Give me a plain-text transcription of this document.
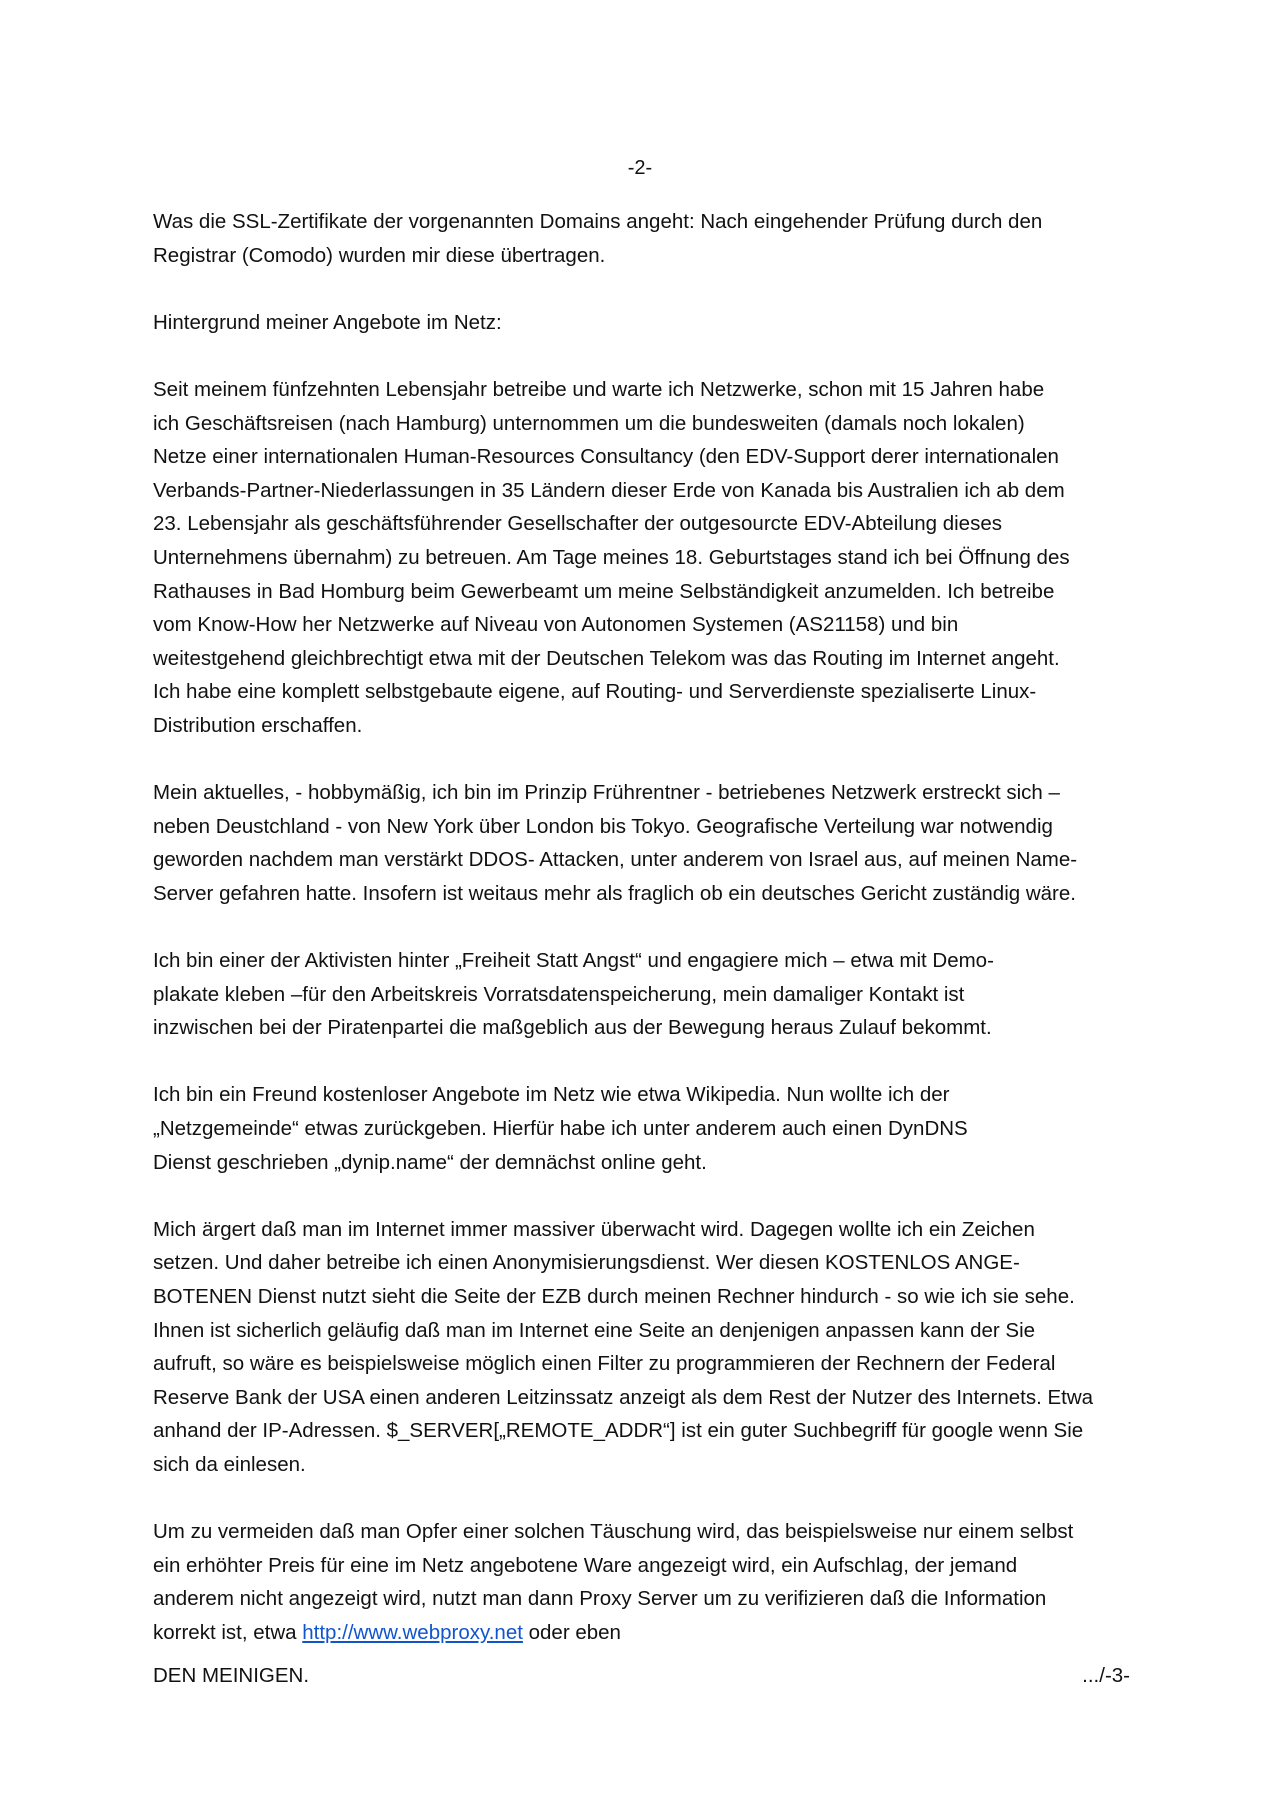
-2-

Was die SSL-Zertifikate der vorgenannten Domains angeht: Nach eingehender Prüfung durch den
Registrar (Comodo) wurden mir diese übertragen.

Hintergrund meiner Angebote im Netz:

Seit meinem fünfzehnten Lebensjahr betreibe und warte ich Netzwerke, schon mit 15 Jahren habe
ich Geschäftsreisen (nach Hamburg) unternommen um die bundesweiten (damals noch lokalen)
Netze einer internationalen Human-Resources Consultancy (den EDV-Support derer internationalen
Verbands-Partner-Niederlassungen in 35 Ländern dieser Erde von Kanada bis Australien ich ab dem
23. Lebensjahr als geschäftsführender Gesellschafter der outgesourcte EDV-Abteilung dieses
Unternehmens übernahm) zu betreuen. Am Tage meines 18. Geburtstages stand ich bei Öffnung des
Rathauses in Bad Homburg beim Gewerbeamt um meine Selbständigkeit anzumelden. Ich betreibe
vom Know-How her Netzwerke auf Niveau von Autonomen Systemen (AS21158) und bin
weitestgehend gleichbrechtigt etwa mit der Deutschen Telekom was das Routing im Internet angeht.
Ich habe eine komplett selbstgebaute eigene, auf Routing- und Serverdienste spezialiserte Linux-
Distribution erschaffen.

Mein aktuelles, - hobbymäßig, ich bin im Prinzip Frührentner - betriebenes Netzwerk erstreckt sich –
neben Deustchland - von New York über London bis Tokyo. Geografische Verteilung war notwendig
geworden nachdem man verstärkt DDOS- Attacken, unter anderem von Israel aus, auf meinen Name-
Server gefahren hatte. Insofern ist weitaus mehr als fraglich ob ein deutsches Gericht zuständig wäre.

Ich bin einer der Aktivisten hinter „Freiheit Statt Angst“ und engagiere mich – etwa mit Demo-
plakate kleben –für den Arbeitskreis Vorratsdatenspeicherung, mein damaliger Kontakt ist
inzwischen bei der Piratenpartei die maßgeblich aus der Bewegung heraus Zulauf bekommt.

Ich bin ein Freund kostenloser Angebote im Netz wie etwa Wikipedia. Nun wollte ich der
„Netzgemeinde“ etwas zurückgeben. Hierfür habe ich unter anderem auch einen DynDNS
Dienst geschrieben „dynip.name“ der demnächst online geht.

Mich ärgert daß man im Internet immer massiver überwacht wird. Dagegen wollte ich ein Zeichen
setzen. Und daher betreibe ich einen Anonymisierungsdienst. Wer diesen KOSTENLOS ANGE-
BOTENEN Dienst nutzt sieht die Seite der EZB durch meinen Rechner hindurch - so wie ich sie sehe.
Ihnen ist sicherlich geläufig daß man im Internet eine Seite an denjenigen anpassen kann der Sie
aufruft, so wäre es beispielsweise möglich einen Filter zu programmieren der Rechnern der Federal
Reserve Bank der USA einen anderen Leitzinssatz anzeigt als dem Rest der Nutzer des Internets. Etwa
anhand der IP-Adressen. $_SERVER[„REMOTE_ADDR“] ist ein guter Suchbegriff für google wenn Sie
sich da einlesen.

Um zu vermeiden daß man Opfer einer solchen Täuschung wird, das beispielsweise nur einem selbst
ein erhöhter Preis für eine im Netz angebotene Ware angezeigt wird, ein Aufschlag, der jemand
anderem nicht angezeigt wird, nutzt man dann Proxy Server um zu verifizieren daß die Information
korrekt ist, etwa http://www.webproxy.net oder eben

DEN MEINIGEN.	.../-3-
